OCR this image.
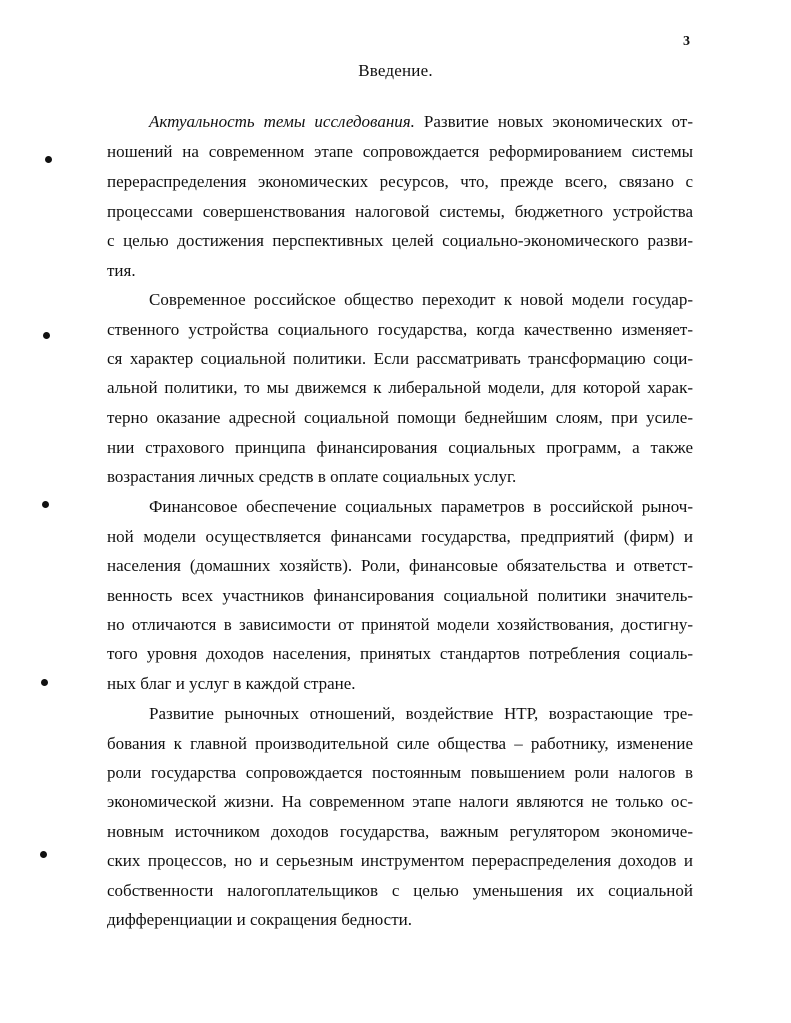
3
Введение.
Актуальность темы исследования. Развитие новых экономических от-
ношений на современном этапе сопровождается реформированием системы
перераспределения экономических ресурсов, что, прежде всего, связано с
процессами совершенствования налоговой системы, бюджетного устройства
с целью достижения перспективных целей социально-экономического разви-
тия.
Современное российское общество переходит к новой модели государ-
ственного устройства социального государства, когда качественно изменяет-
ся характер социальной политики. Если рассматривать трансформацию соци-
альной политики, то мы движемся к либеральной модели, для которой харак-
терно оказание адресной социальной помощи беднейшим слоям, при усиле-
нии страхового принципа финансирования социальных программ, а также
возрастания личных средств в оплате социальных услуг.
Финансовое обеспечение социальных параметров в российской рыноч-
ной модели осуществляется финансами государства, предприятий (фирм) и
населения (домашних хозяйств). Роли, финансовые обязательства и ответст-
венность всех участников финансирования социальной политики значитель-
но отличаются в зависимости от принятой модели хозяйствования, достигну-
того уровня доходов населения, принятых стандартов потребления социаль-
ных благ и услуг в каждой стране.
Развитие рыночных отношений, воздействие НТР, возрастающие тре-
бования к главной производительной силе общества – работнику, изменение
роли государства сопровождается постоянным повышением роли налогов в
экономической жизни. На современном этапе налоги являются не только ос-
новным источником доходов государства, важным регулятором экономиче-
ских процессов, но и серьезным инструментом перераспределения доходов и
собственности налогоплательщиков с целью уменьшения их социальной
дифференциации и сокращения бедности.
